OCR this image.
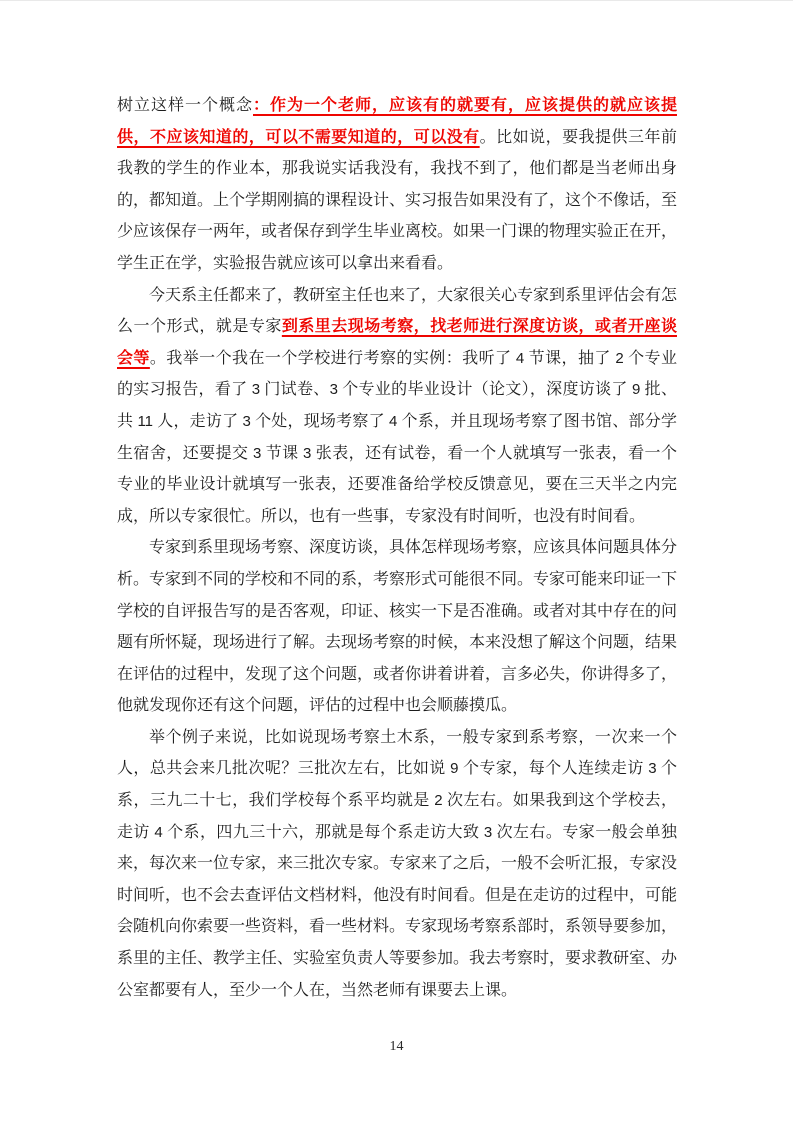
树立这样一个概念：作为一个老师，应该有的就要有，应该提供的就应该提供，不应该知道的，可以不需要知道的，可以没有。比如说，要我提供三年前我教的学生的作业本，那我说实话我没有，我找不到了，他们都是当老师出身的，都知道。上个学期刚搞的课程设计、实习报告如果没有了，这个不像话，至少应该保存一两年，或者保存到学生毕业离校。如果一门课的物理实验正在开，学生正在学，实验报告就应该可以拿出来看看。

今天系主任都来了，教研室主任也来了，大家很关心专家到系里评估会有怎么一个形式，就是专家到系里去现场考察，找老师进行深度访谈，或者开座谈会等。我举一个我在一个学校进行考察的实例：我听了 4 节课，抽了 2 个专业的实习报告，看了 3 门试卷、3 个专业的毕业设计（论文），深度访谈了 9 批、共 11 人，走访了 3 个处，现场考察了 4 个系，并且现场考察了图书馆、部分学生宿舍，还要提交 3 节课 3 张表，还有试卷，看一个人就填写一张表，看一个专业的毕业设计就填写一张表，还要准备给学校反馈意见，要在三天半之内完成，所以专家很忙。所以，也有一些事，专家没有时间听，也没有时间看。

专家到系里现场考察、深度访谈，具体怎样现场考察，应该具体问题具体分析。专家到不同的学校和不同的系，考察形式可能很不同。专家可能来印证一下学校的自评报告写的是否客观，印证、核实一下是否准确。或者对其中存在的问题有所怀疑，现场进行了解。去现场考察的时候，本来没想了解这个问题，结果在评估的过程中，发现了这个问题，或者你讲着讲着，言多必失，你讲得多了，他就发现你还有这个问题，评估的过程中也会顺藤摸瓜。

举个例子来说，比如说现场考察土木系，一般专家到系考察，一次来一个人，总共会来几批次呢？三批次左右，比如说 9 个专家，每个人连续走访 3 个系，三九二十七，我们学校每个系平均就是 2 次左右。如果我到这个学校去，走访 4 个系，四九三十六，那就是每个系走访大致 3 次左右。专家一般会单独来，每次来一位专家，来三批次专家。专家来了之后，一般不会听汇报，专家没时间听，也不会去查评估文档材料，他没有时间看。但是在走访的过程中，可能会随机向你索要一些资料，看一些材料。专家现场考察系部时，系领导要参加，系里的主任、教学主任、实验室负责人等要参加。我去考察时，要求教研室、办公室都要有人，至少一个人在，当然老师有课要去上课。

14
